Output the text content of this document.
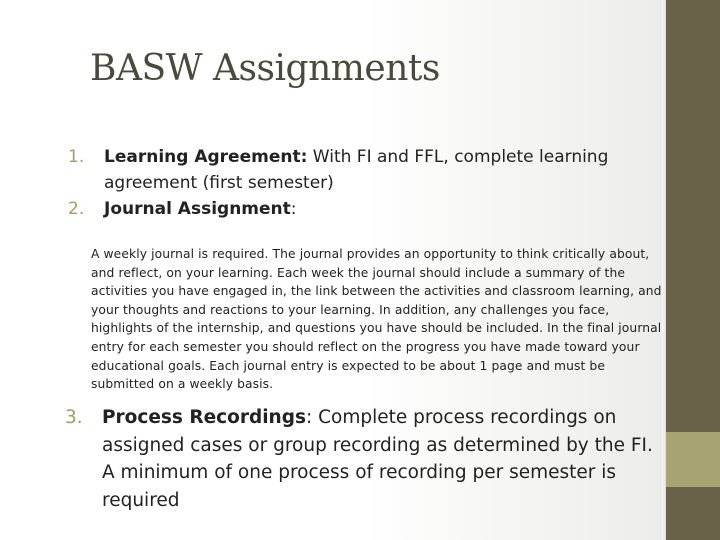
BASW Assignments
1. Learning Agreement: With FI and FFL, complete learning agreement (first semester)
2. Journal Assignment:
A weekly journal is required. The journal provides an opportunity to think critically about, and reflect, on your learning. Each week the journal should include a summary of the activities you have engaged in, the link between the activities and classroom learning, and your thoughts and reactions to your learning. In addition, any challenges you face, highlights of the internship, and questions you have should be included. In the final journal entry for each semester you should reflect on the progress you have made toward your educational goals. Each journal entry is expected to be about 1 page and must be submitted on a weekly basis.
3. Process Recordings: Complete process recordings on assigned cases or group recording as determined by the FI. A minimum of one process of recording per semester is required
